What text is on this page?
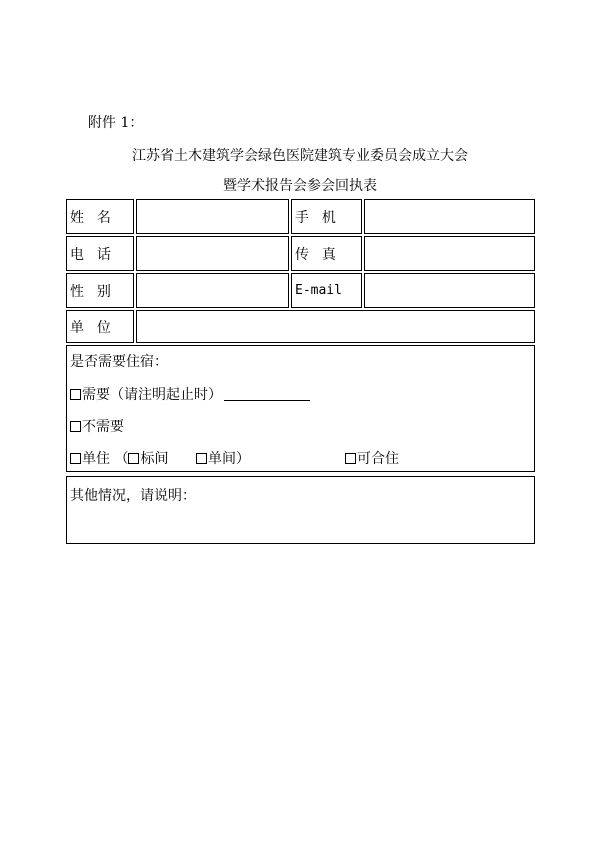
附件 1：
江苏省土木建筑学会绿色医院建筑专业委员会成立大会
暨学术报告会参会回执表
姓 名	手 机
电 话	传 真
性 别	E-mail
单 位
是否需要住宿：
需要（请注明起止时）
不需要
单住 （ 标间	单间）	可合住
其他情况，请说明：
